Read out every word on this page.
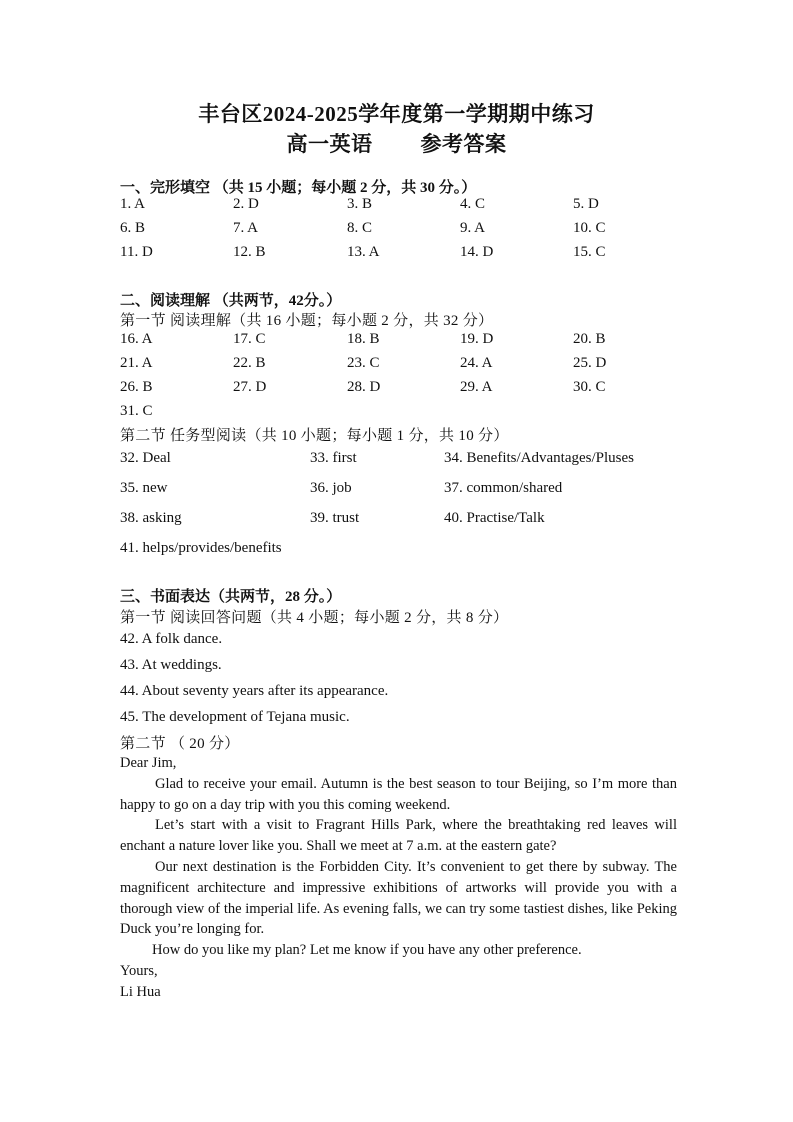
丰台区2024-2025学年度第一学期期中练习
高一英语 参考答案
一、完形填空 （共 15 小题；每小题 2 分，共 30 分。）
1. A	2. D	3. B	4. C	5. D
6. B	7. A	8. C	9. A	10. C
11. D	12. B	13. A	14. D	15. C
二、阅读理解 （共两节，42分。）
第一节 阅读理解（共 16 小题；每小题 2 分，共 32 分）
16. A	17. C	18. B	19. D	20. B
21. A	22. B	23. C	24. A	25. D
26. B	27. D	28. D	29. A	30. C
31. C
第二节 任务型阅读（共 10 小题；每小题 1 分，共 10 分）
32. Deal	33. first	34. Benefits/Advantages/Pluses
35. new	36. job	37. common/shared
38. asking	39. trust	40. Practise/Talk
41. helps/provides/benefits
三、书面表达（共两节，28 分。）
第一节 阅读回答问题（共 4 小题；每小题 2 分，共 8 分）
42. A folk dance.
43. At weddings.
44. About seventy years after its appearance.
45. The development of Tejana music.
第二节 （ 20 分）

Dear Jim,

Glad to receive your email. Autumn is the best season to tour Beijing, so I’m more than happy to go on a day trip with you this coming weekend.

Let’s start with a visit to Fragrant Hills Park, where the breathtaking red leaves will enchant a nature lover like you. Shall we meet at 7 a.m. at the eastern gate?

Our next destination is the Forbidden City. It’s convenient to get there by subway. The magnificent architecture and impressive exhibitions of artworks will provide you with a thorough view of the imperial life. As evening falls, we can try some tastiest dishes, like Peking Duck you’re longing for.

How do you like my plan? Let me know if you have any other preference.

Yours,

Li Hua
